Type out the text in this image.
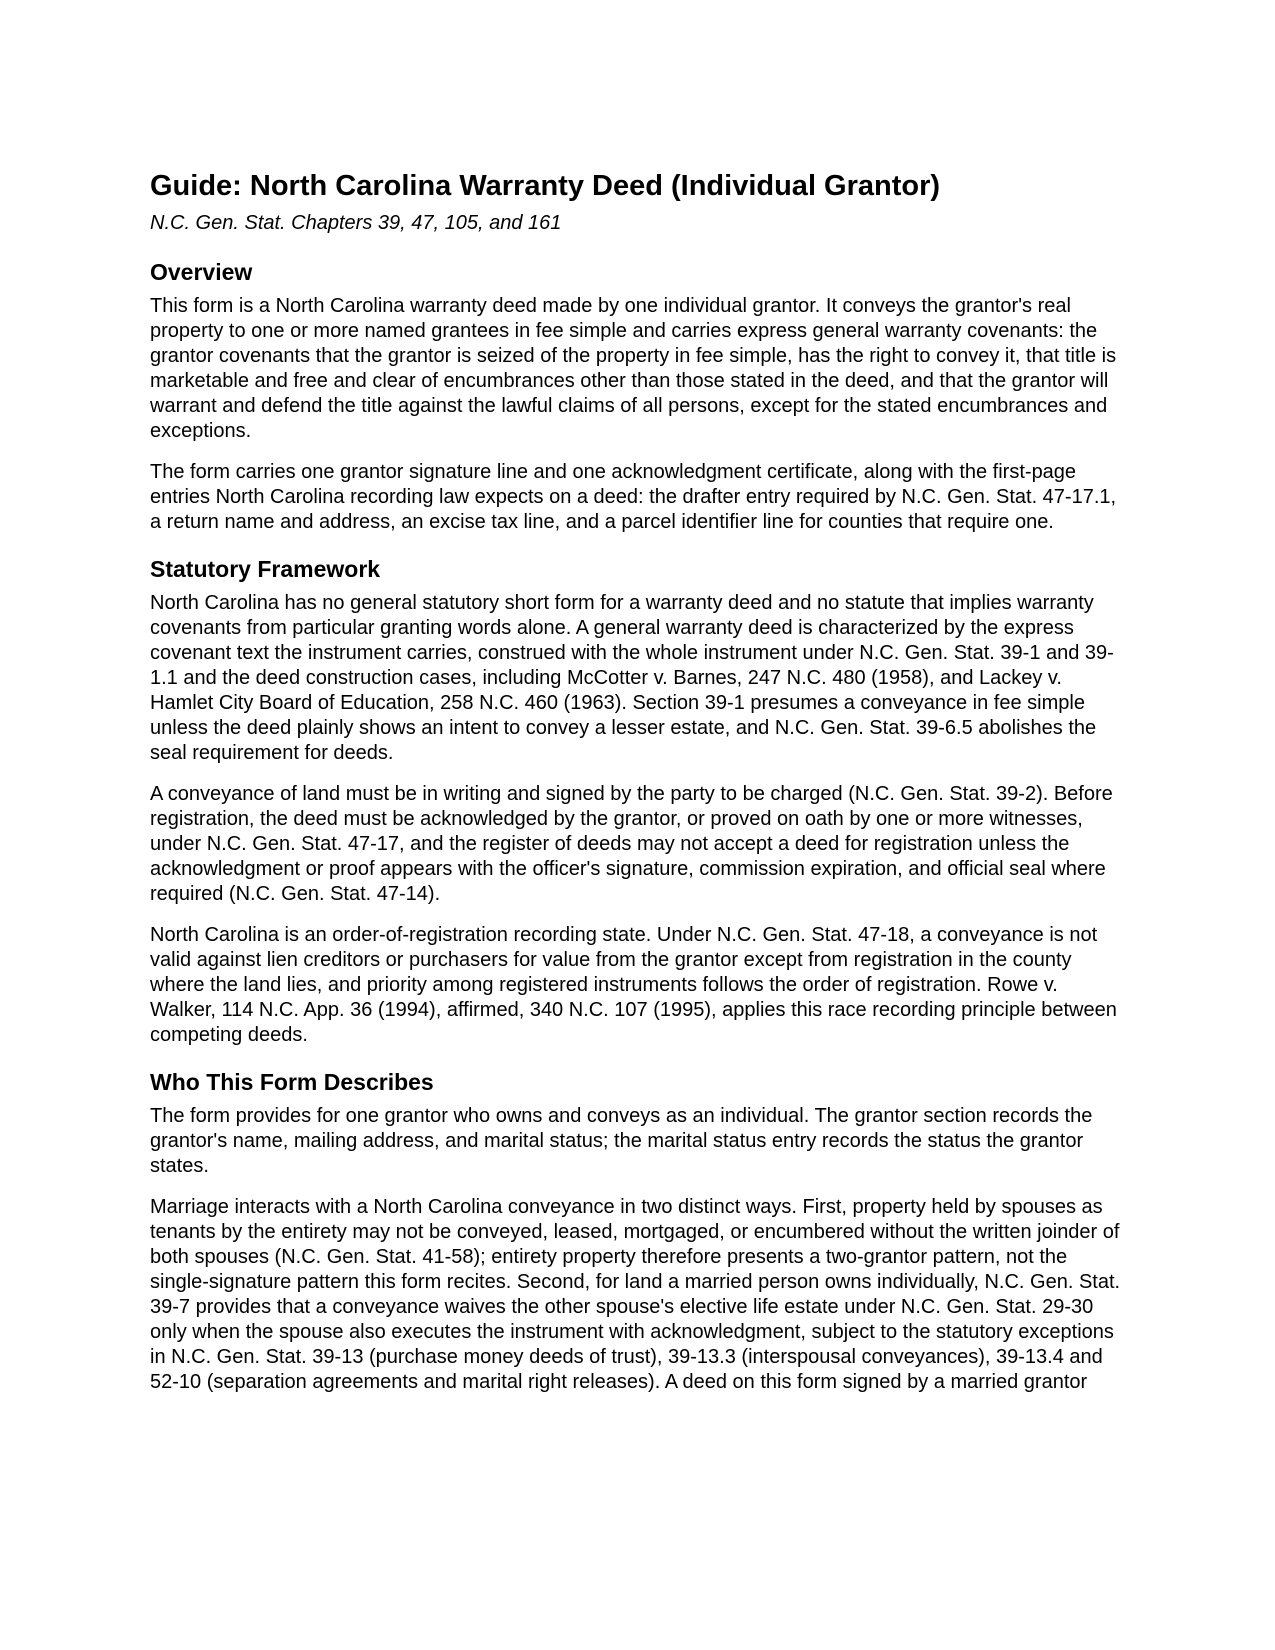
Guide: North Carolina Warranty Deed (Individual Grantor)
N.C. Gen. Stat. Chapters 39, 47, 105, and 161
Overview

This form is a North Carolina warranty deed made by one individual grantor. It conveys the grantor's real property to one or more named grantees in fee simple and carries express general warranty covenants: the grantor covenants that the grantor is seized of the property in fee simple, has the right to convey it, that title is marketable and free and clear of encumbrances other than those stated in the deed, and that the grantor will warrant and defend the title against the lawful claims of all persons, except for the stated encumbrances and exceptions.

The form carries one grantor signature line and one acknowledgment certificate, along with the first-page entries North Carolina recording law expects on a deed: the drafter entry required by N.C. Gen. Stat. 47-17.1, a return name and address, an excise tax line, and a parcel identifier line for counties that require one.

Statutory Framework

North Carolina has no general statutory short form for a warranty deed and no statute that implies warranty covenants from particular granting words alone. A general warranty deed is characterized by the express covenant text the instrument carries, construed with the whole instrument under N.C. Gen. Stat. 39-1 and 39-1.1 and the deed construction cases, including McCotter v. Barnes, 247 N.C. 480 (1958), and Lackey v. Hamlet City Board of Education, 258 N.C. 460 (1963). Section 39-1 presumes a conveyance in fee simple unless the deed plainly shows an intent to convey a lesser estate, and N.C. Gen. Stat. 39-6.5 abolishes the seal requirement for deeds.

A conveyance of land must be in writing and signed by the party to be charged (N.C. Gen. Stat. 39-2). Before registration, the deed must be acknowledged by the grantor, or proved on oath by one or more witnesses, under N.C. Gen. Stat. 47-17, and the register of deeds may not accept a deed for registration unless the acknowledgment or proof appears with the officer's signature, commission expiration, and official seal where required (N.C. Gen. Stat. 47-14).

North Carolina is an order-of-registration recording state. Under N.C. Gen. Stat. 47-18, a conveyance is not valid against lien creditors or purchasers for value from the grantor except from registration in the county where the land lies, and priority among registered instruments follows the order of registration. Rowe v. Walker, 114 N.C. App. 36 (1994), affirmed, 340 N.C. 107 (1995), applies this race recording principle between competing deeds.

Who This Form Describes

The form provides for one grantor who owns and conveys as an individual. The grantor section records the grantor's name, mailing address, and marital status; the marital status entry records the status the grantor states.

Marriage interacts with a North Carolina conveyance in two distinct ways. First, property held by spouses as tenants by the entirety may not be conveyed, leased, mortgaged, or encumbered without the written joinder of both spouses (N.C. Gen. Stat. 41-58); entirety property therefore presents a two-grantor pattern, not the single-signature pattern this form recites. Second, for land a married person owns individually, N.C. Gen. Stat. 39-7 provides that a conveyance waives the other spouse's elective life estate under N.C. Gen. Stat. 29-30 only when the spouse also executes the instrument with acknowledgment, subject to the statutory exceptions in N.C. Gen. Stat. 39-13 (purchase money deeds of trust), 39-13.3 (interspousal conveyances), 39-13.4 and 52-10 (separation agreements and marital right releases). A deed on this form signed by a married grantor
